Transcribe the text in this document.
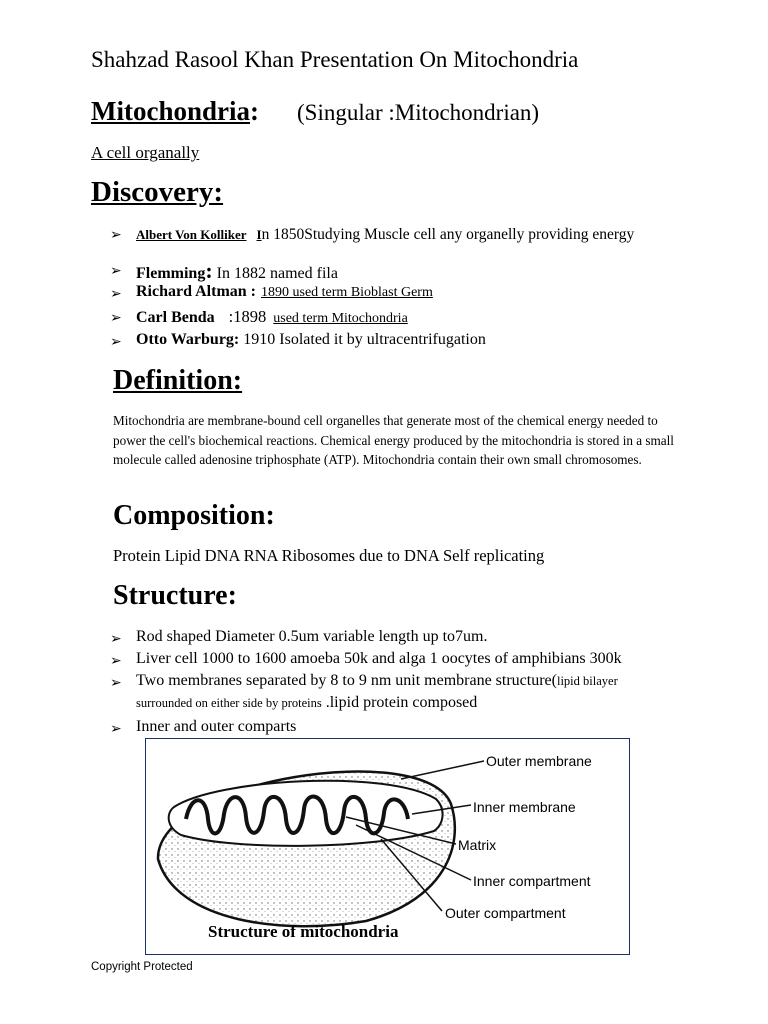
Shahzad Rasool Khan Presentation On Mitochondria
Mitochondria: (Singular :Mitochondrian)
A cell organally
Discovery:
➢ Albert Von Kolliker In 1850Studying Muscle cell any organelly providing energy
➢ Flemming: In 1882 named fila
➢ Richard Altman : 1890 used term Bioblast Germ
➢ Carl Benda :1898 used term Mitochondria
➢ Otto Warburg: 1910 Isolated it by ultracentrifugation
Definition:
Mitochondria are membrane-bound cell organelles that generate most of the chemical energy needed to power the cell's biochemical reactions. Chemical energy produced by the mitochondria is stored in a small molecule called adenosine triphosphate (ATP). Mitochondria contain their own small chromosomes.
Composition:
Protein Lipid DNA RNA Ribosomes due to DNA Self replicating
Structure:
➢ Rod shaped Diameter 0.5um variable length up to7um.
➢ Liver cell 1000 to 1600 amoeba 50k and alga 1 oocytes of amphibians 300k
➢ Two membranes separated by 8 to 9 nm unit membrane structure(lipid bilayer
surrounded on either side by proteins .lipid protein composed
➢ Inner and outer comparts
Outer membrane
Inner membrane
Matrix
Inner compartment
Outer compartment
Structure of mitochondria
Copyright Protected
